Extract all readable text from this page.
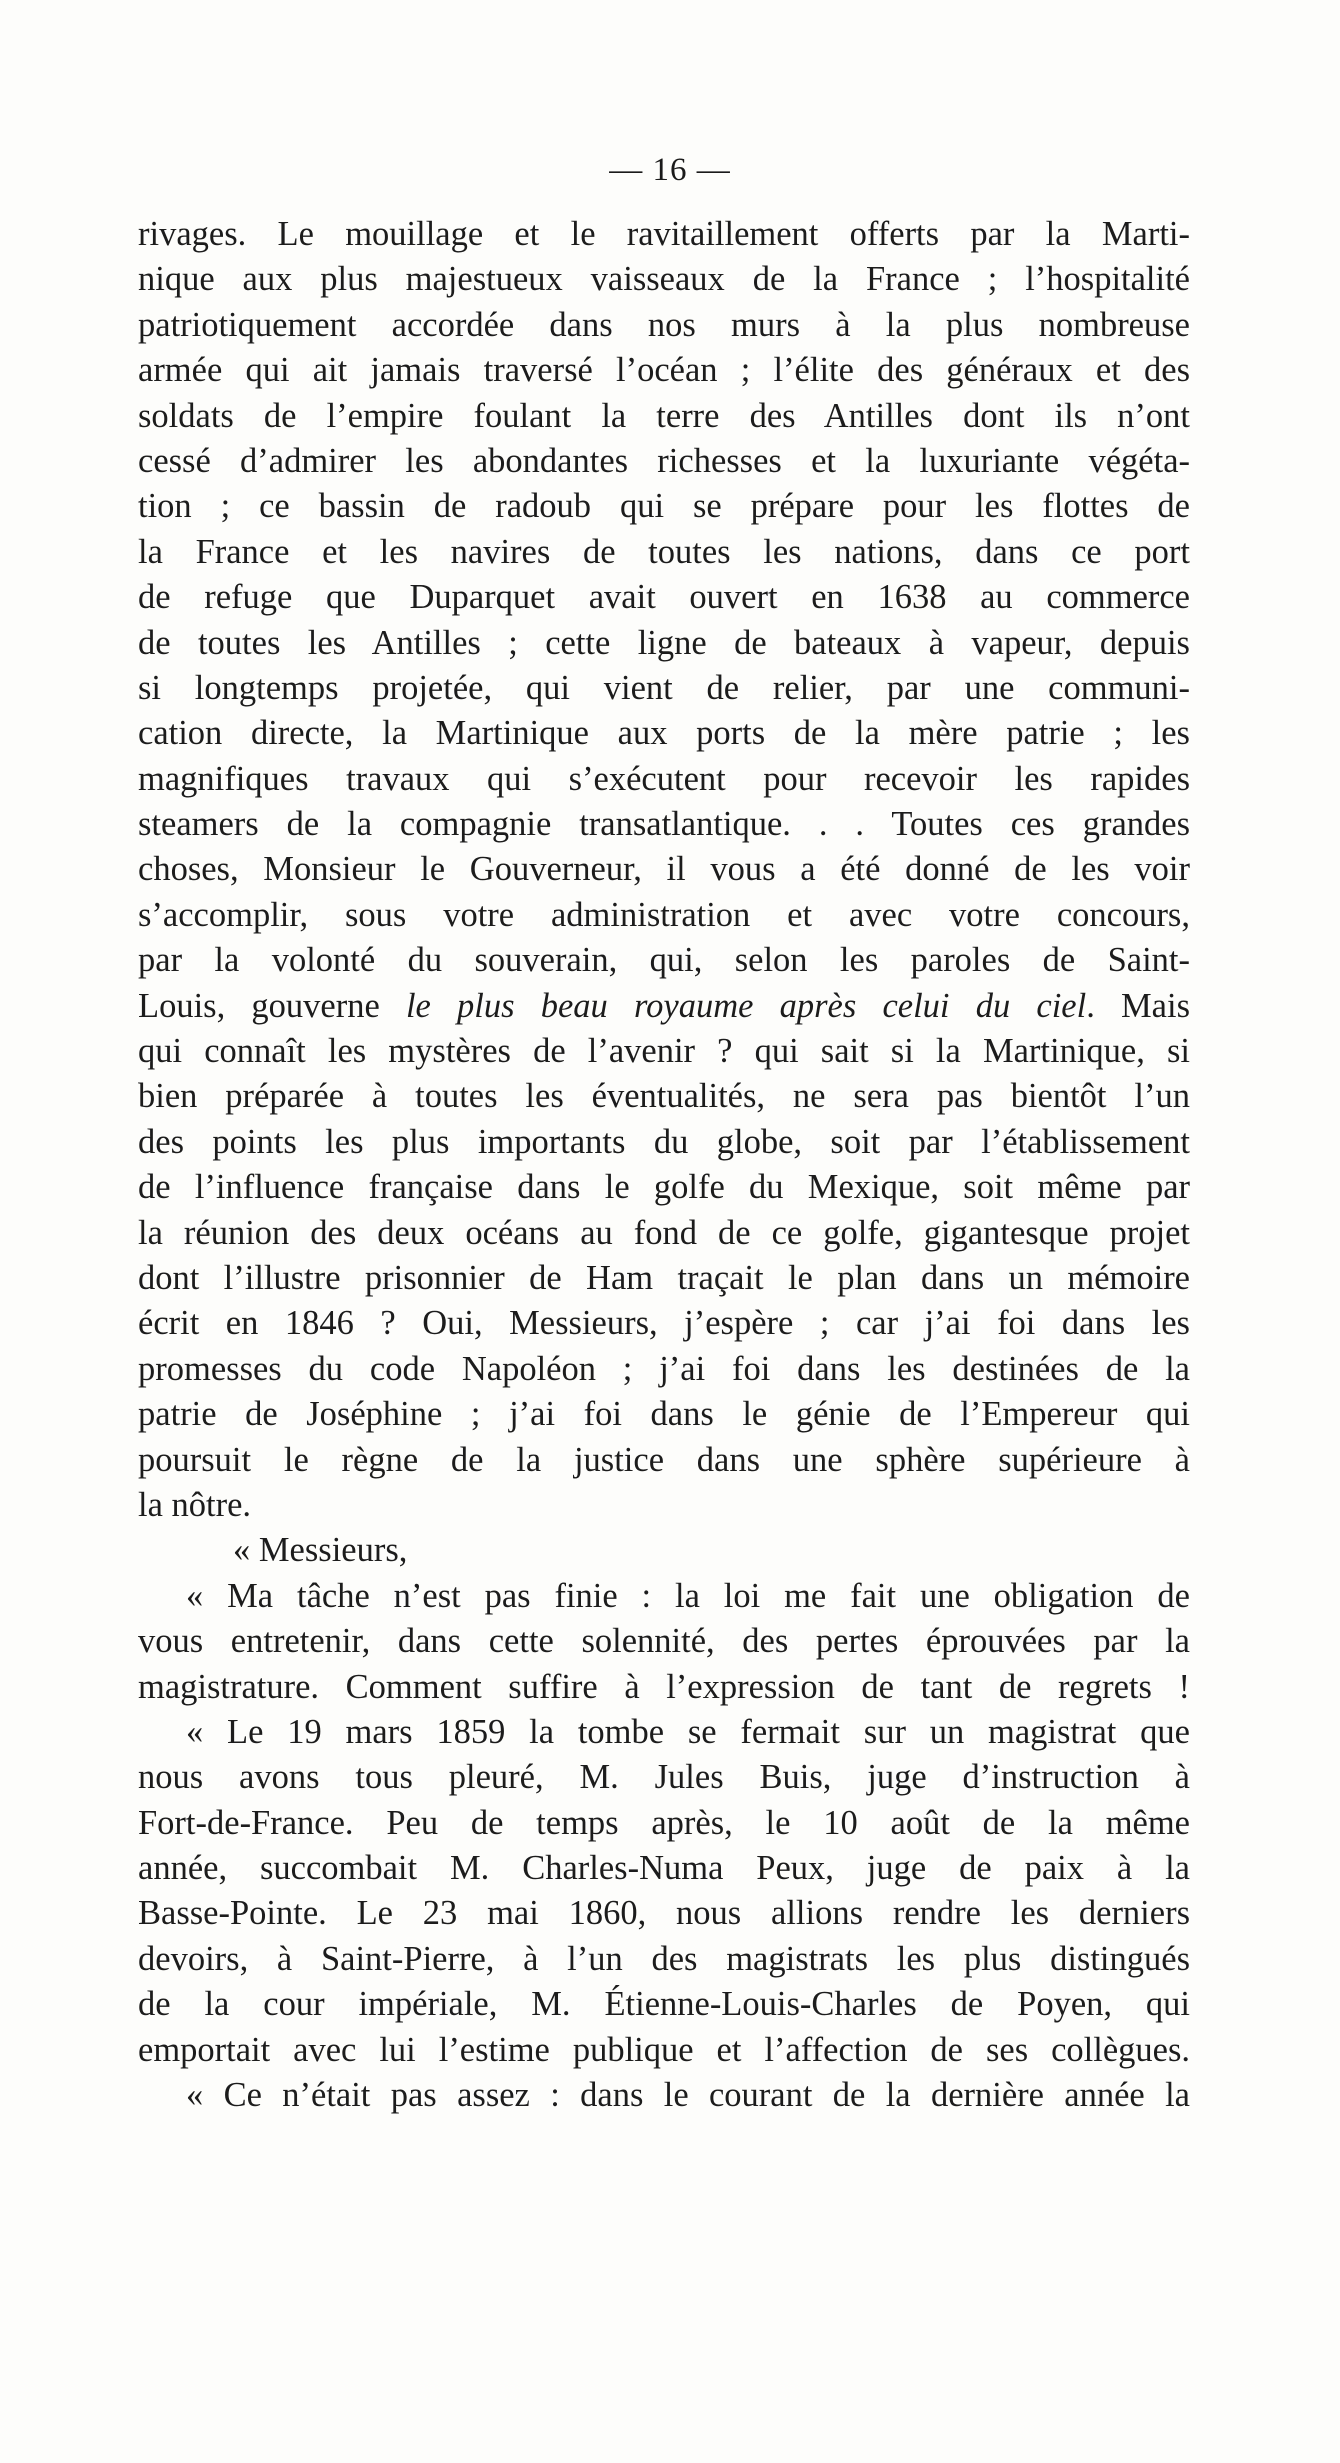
— 16 —
rivages. Le mouillage et le ravitaillement offerts par la Marti-
nique aux plus majestueux vaisseaux de la France ; l’hospitalité
patriotiquement accordée dans nos murs à la plus nombreuse
armée qui ait jamais traversé l’océan ; l’élite des généraux et des
soldats de l’empire foulant la terre des Antilles dont ils n’ont
cessé d’admirer les abondantes richesses et la luxuriante végéta-
tion ; ce bassin de radoub qui se prépare pour les flottes de
la France et les navires de toutes les nations, dans ce port
de refuge que Duparquet avait ouvert en 1638 au commerce
de toutes les Antilles ; cette ligne de bateaux à vapeur, depuis
si longtemps projetée, qui vient de relier, par une communi-
cation directe, la Martinique aux ports de la mère patrie ; les
magnifiques travaux qui s’exécutent pour recevoir les rapides
steamers de la compagnie transatlantique. . . Toutes ces grandes
choses, Monsieur le Gouverneur, il vous a été donné de les voir
s’accomplir, sous votre administration et avec votre concours,
par la volonté du souverain, qui, selon les paroles de Saint-
Louis, gouverne le plus beau royaume après celui du ciel. Mais
qui connaît les mystères de l’avenir ? qui sait si la Martinique, si
bien préparée à toutes les éventualités, ne sera pas bientôt l’un
des points les plus importants du globe, soit par l’établissement
de l’influence française dans le golfe du Mexique, soit même par
la réunion des deux océans au fond de ce golfe, gigantesque projet
dont l’illustre prisonnier de Ham traçait le plan dans un mémoire
écrit en 1846 ? Oui, Messieurs, j’espère ; car j’ai foi dans les
promesses du code Napoléon ; j’ai foi dans les destinées de la
patrie de Joséphine ; j’ai foi dans le génie de l’Empereur qui
poursuit le règne de la justice dans une sphère supérieure à
la nôtre.
« Messieurs,
« Ma tâche n’est pas finie : la loi me fait une obligation de
vous entretenir, dans cette solennité, des pertes éprouvées par la
magistrature. Comment suffire à l’expression de tant de regrets !
« Le 19 mars 1859 la tombe se fermait sur un magistrat que
nous avons tous pleuré, M. Jules Buis, juge d’instruction à
Fort-de-France. Peu de temps après, le 10 août de la même
année, succombait M. Charles-Numa Peux, juge de paix à la
Basse-Pointe. Le 23 mai 1860, nous allions rendre les derniers
devoirs, à Saint-Pierre, à l’un des magistrats les plus distingués
de la cour impériale, M. Étienne-Louis-Charles de Poyen, qui
emportait avec lui l’estime publique et l’affection de ses collègues.
« Ce n’était pas assez : dans le courant de la dernière année la
